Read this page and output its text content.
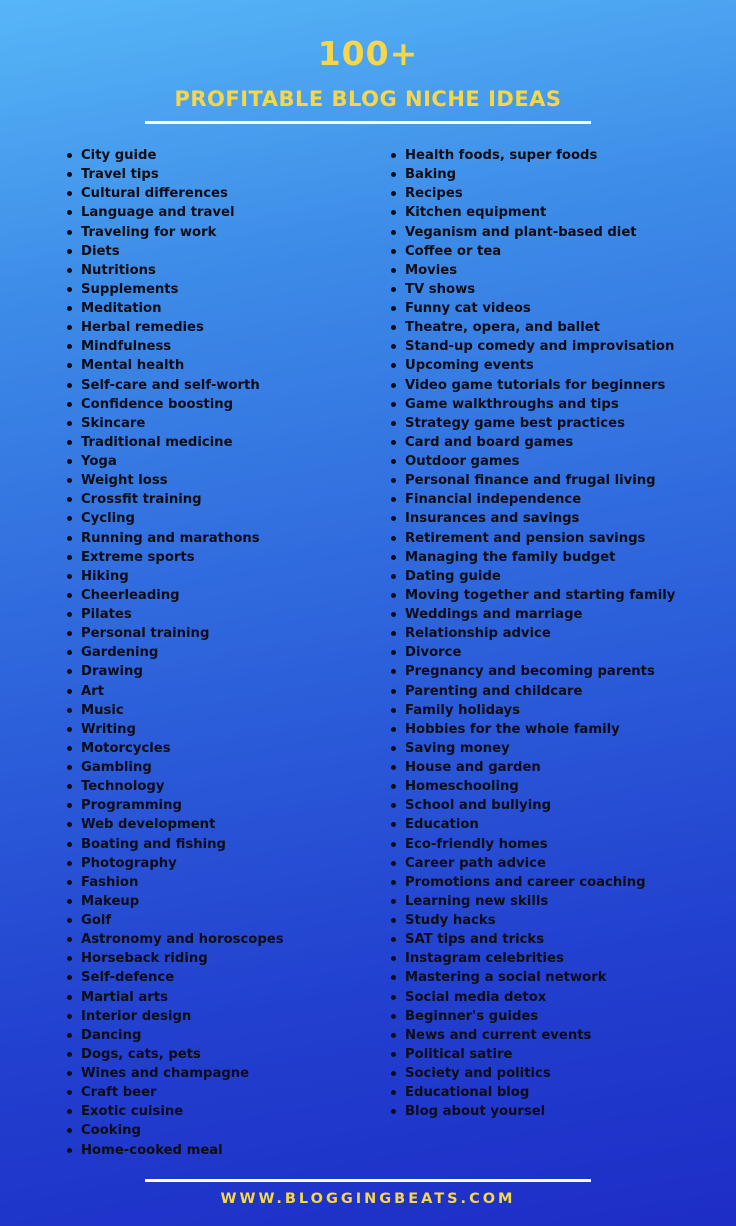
100+
PROFITABLE BLOG NICHE IDEAS
City guide
Travel tips
Cultural differences
Language and travel
Traveling for work
Diets
Nutritions
Supplements
Meditation
Herbal remedies
Mindfulness
Mental health
Self-care and self-worth
Confidence boosting
Skincare
Traditional medicine
Yoga
Weight loss
Crossfit training
Cycling
Running and marathons
Extreme sports
Hiking
Cheerleading
Pilates
Personal training
Gardening
Drawing
Art
Music
Writing
Motorcycles
Gambling
Technology
Programming
Web development
Boating and fishing
Photography
Fashion
Makeup
Golf
Astronomy and horoscopes
Horseback riding
Self-defence
Martial arts
Interior design
Dancing
Dogs, cats, pets
Wines and champagne
Craft beer
Exotic cuisine
Cooking
Home-cooked meal
Health foods, super foods
Baking
Recipes
Kitchen equipment
Veganism and plant-based diet
Coffee or tea
Movies
TV shows
Funny cat videos
Theatre, opera, and ballet
Stand-up comedy and improvisation
Upcoming events
Video game tutorials for beginners
Game walkthroughs and tips
Strategy game best practices
Card and board games
Outdoor games
Personal finance and frugal living
Financial independence
Insurances and savings
Retirement and pension savings
Managing the family budget
Dating guide
Moving together and starting family
Weddings and marriage
Relationship advice
Divorce
Pregnancy and becoming parents
Parenting and childcare
Family holidays
Hobbies for the whole family
Saving money
House and garden
Homeschooling
School and bullying
Education
Eco-friendly homes
Career path advice
Promotions and career coaching
Learning new skills
Study hacks
SAT tips and tricks
Instagram celebrities
Mastering a social network
Social media detox
Beginner's guides
News and current events
Political satire
Society and politics
Educational blog
Blog about yoursel
WWW.BLOGGINGBEATS.COM
